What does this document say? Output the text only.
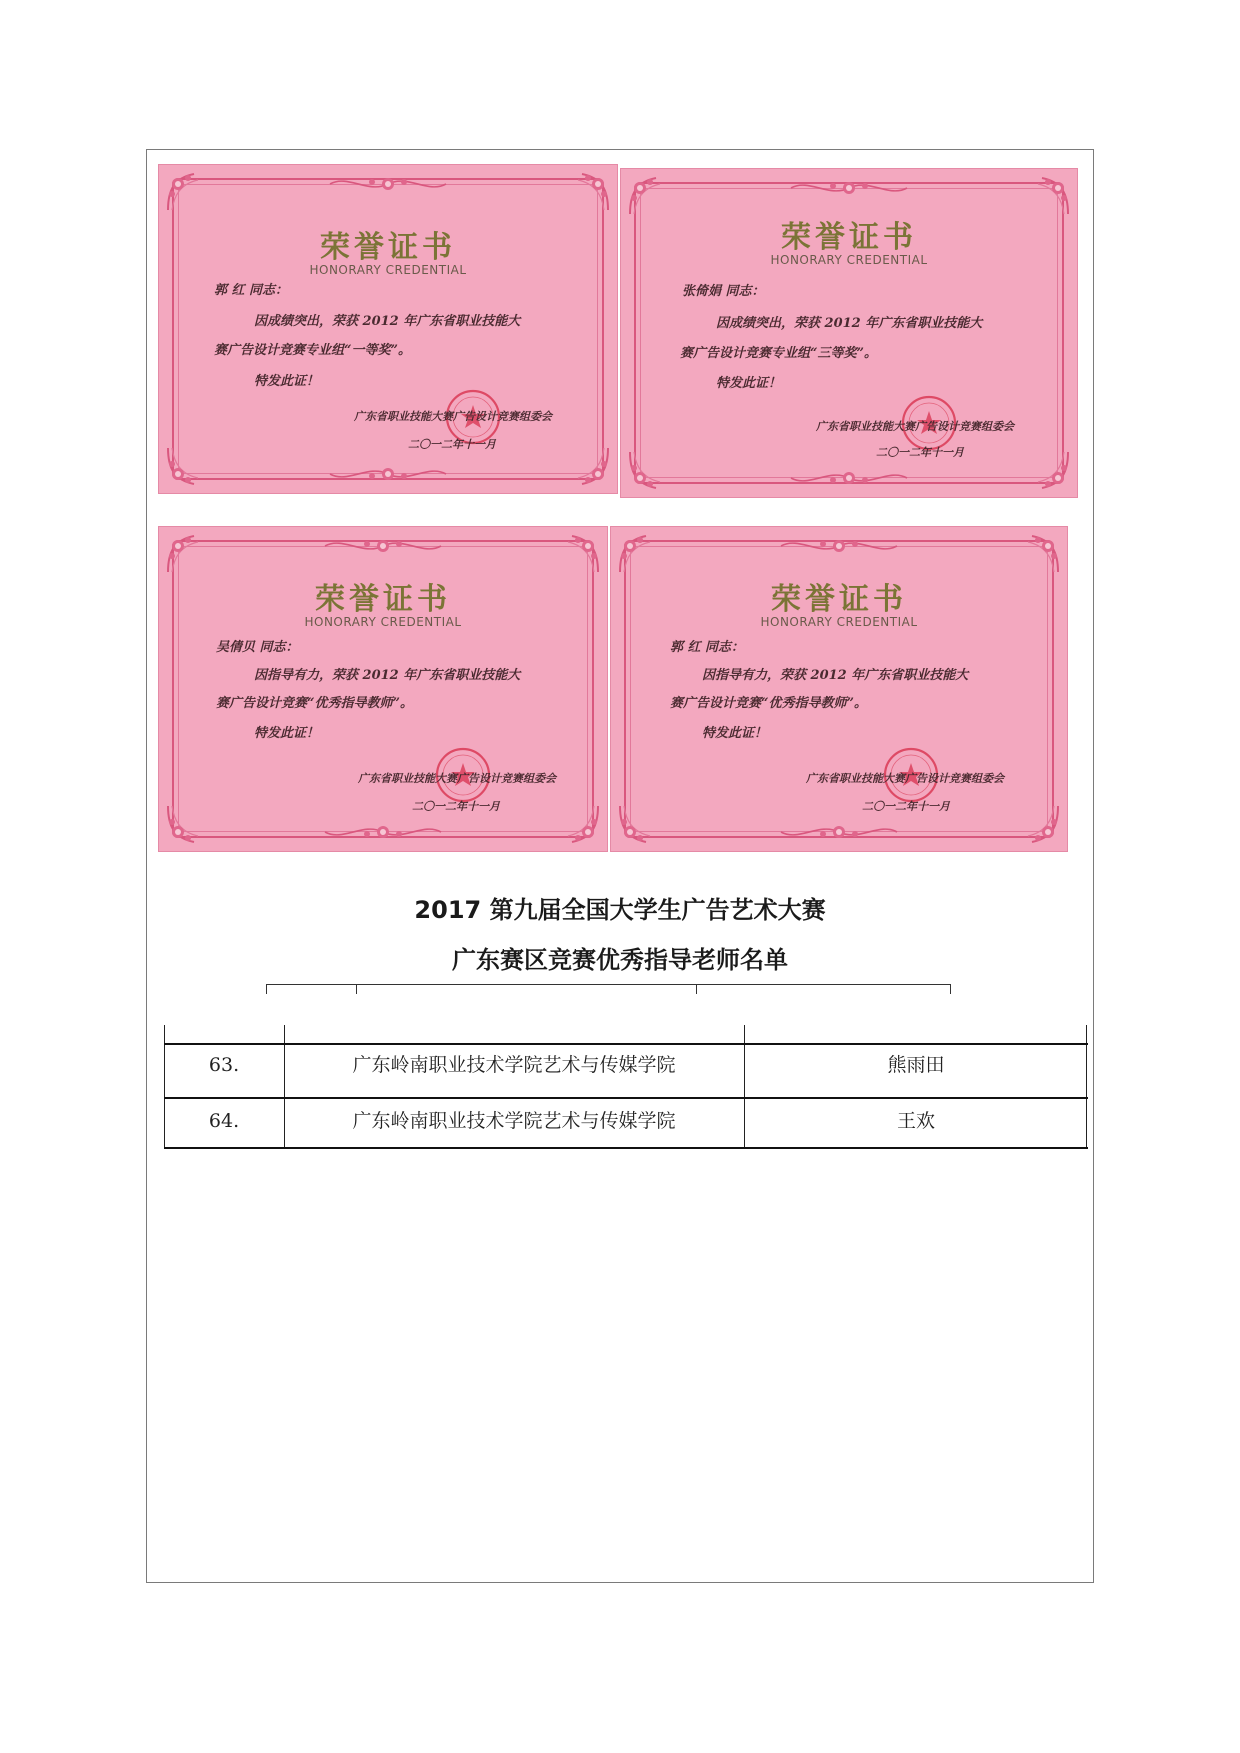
荣誉证书
HONORARY CREDENTIAL
郭 红 同志：
因成绩突出，荣获 2012 年广东省职业技能大
赛广告设计竞赛专业组“一等奖”。
特发此证！
广东省职业技能大赛广告设计竞赛组委会
二〇一二年十一月
荣誉证书
HONORARY CREDENTIAL
张倚娟 同志：
因成绩突出，荣获 2012 年广东省职业技能大
赛广告设计竞赛专业组“三等奖”。
特发此证！
广东省职业技能大赛广告设计竞赛组委会
二〇一二年十一月
荣誉证书
HONORARY CREDENTIAL
吴倩贝 同志：
因指导有力，荣获 2012 年广东省职业技能大
赛广告设计竞赛“优秀指导教师”。
特发此证！
广东省职业技能大赛广告设计竞赛组委会
二〇一二年十一月
荣誉证书
HONORARY CREDENTIAL
郭 红 同志：
因指导有力，荣获 2012 年广东省职业技能大
赛广告设计竞赛“优秀指导教师”。
特发此证！
广东省职业技能大赛广告设计竞赛组委会
二〇一二年十一月
2017 第九届全国大学生广告艺术大赛
广东赛区竞赛优秀指导老师名单
63.	广东岭南职业技术学院艺术与传媒学院	熊雨田
64.	广东岭南职业技术学院艺术与传媒学院	王欢
